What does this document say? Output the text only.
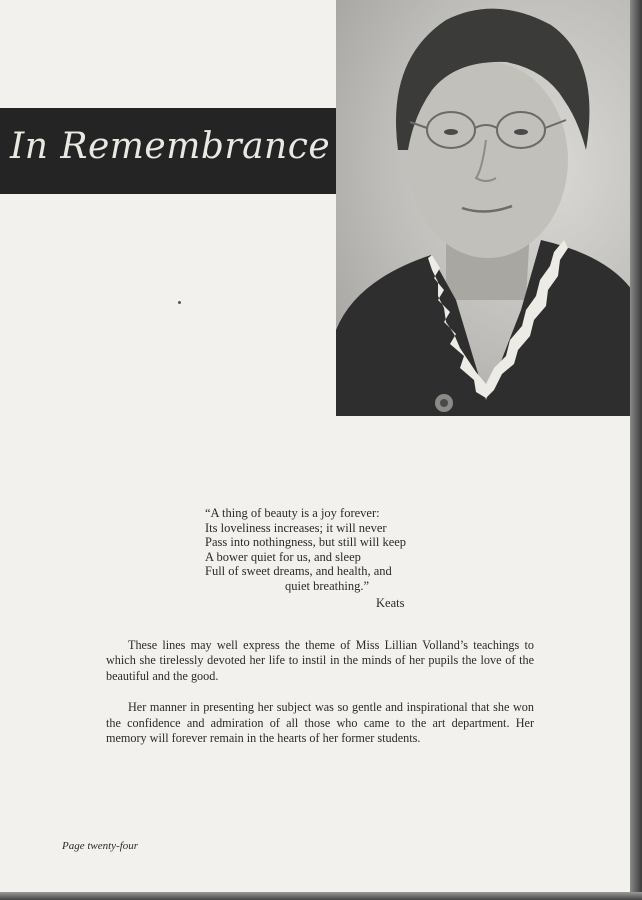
In Remembrance
“A thing of beauty is a joy forever:
Its loveliness increases; it will never
Pass into nothingness, but still will keep
A bower quiet for us, and sleep
Full of sweet dreams, and health, and
quiet breathing.”
Keats

These lines may well express the theme of Miss Lillian Volland’s teachings to which she tirelessly devoted her life to instil in the minds of her pupils the love of the beautiful and the good.

Her manner in presenting her subject was so gentle and inspirational that she won the confidence and admiration of all those who came to the art department. Her memory will forever remain in the hearts of her former students.

Page twenty-four
